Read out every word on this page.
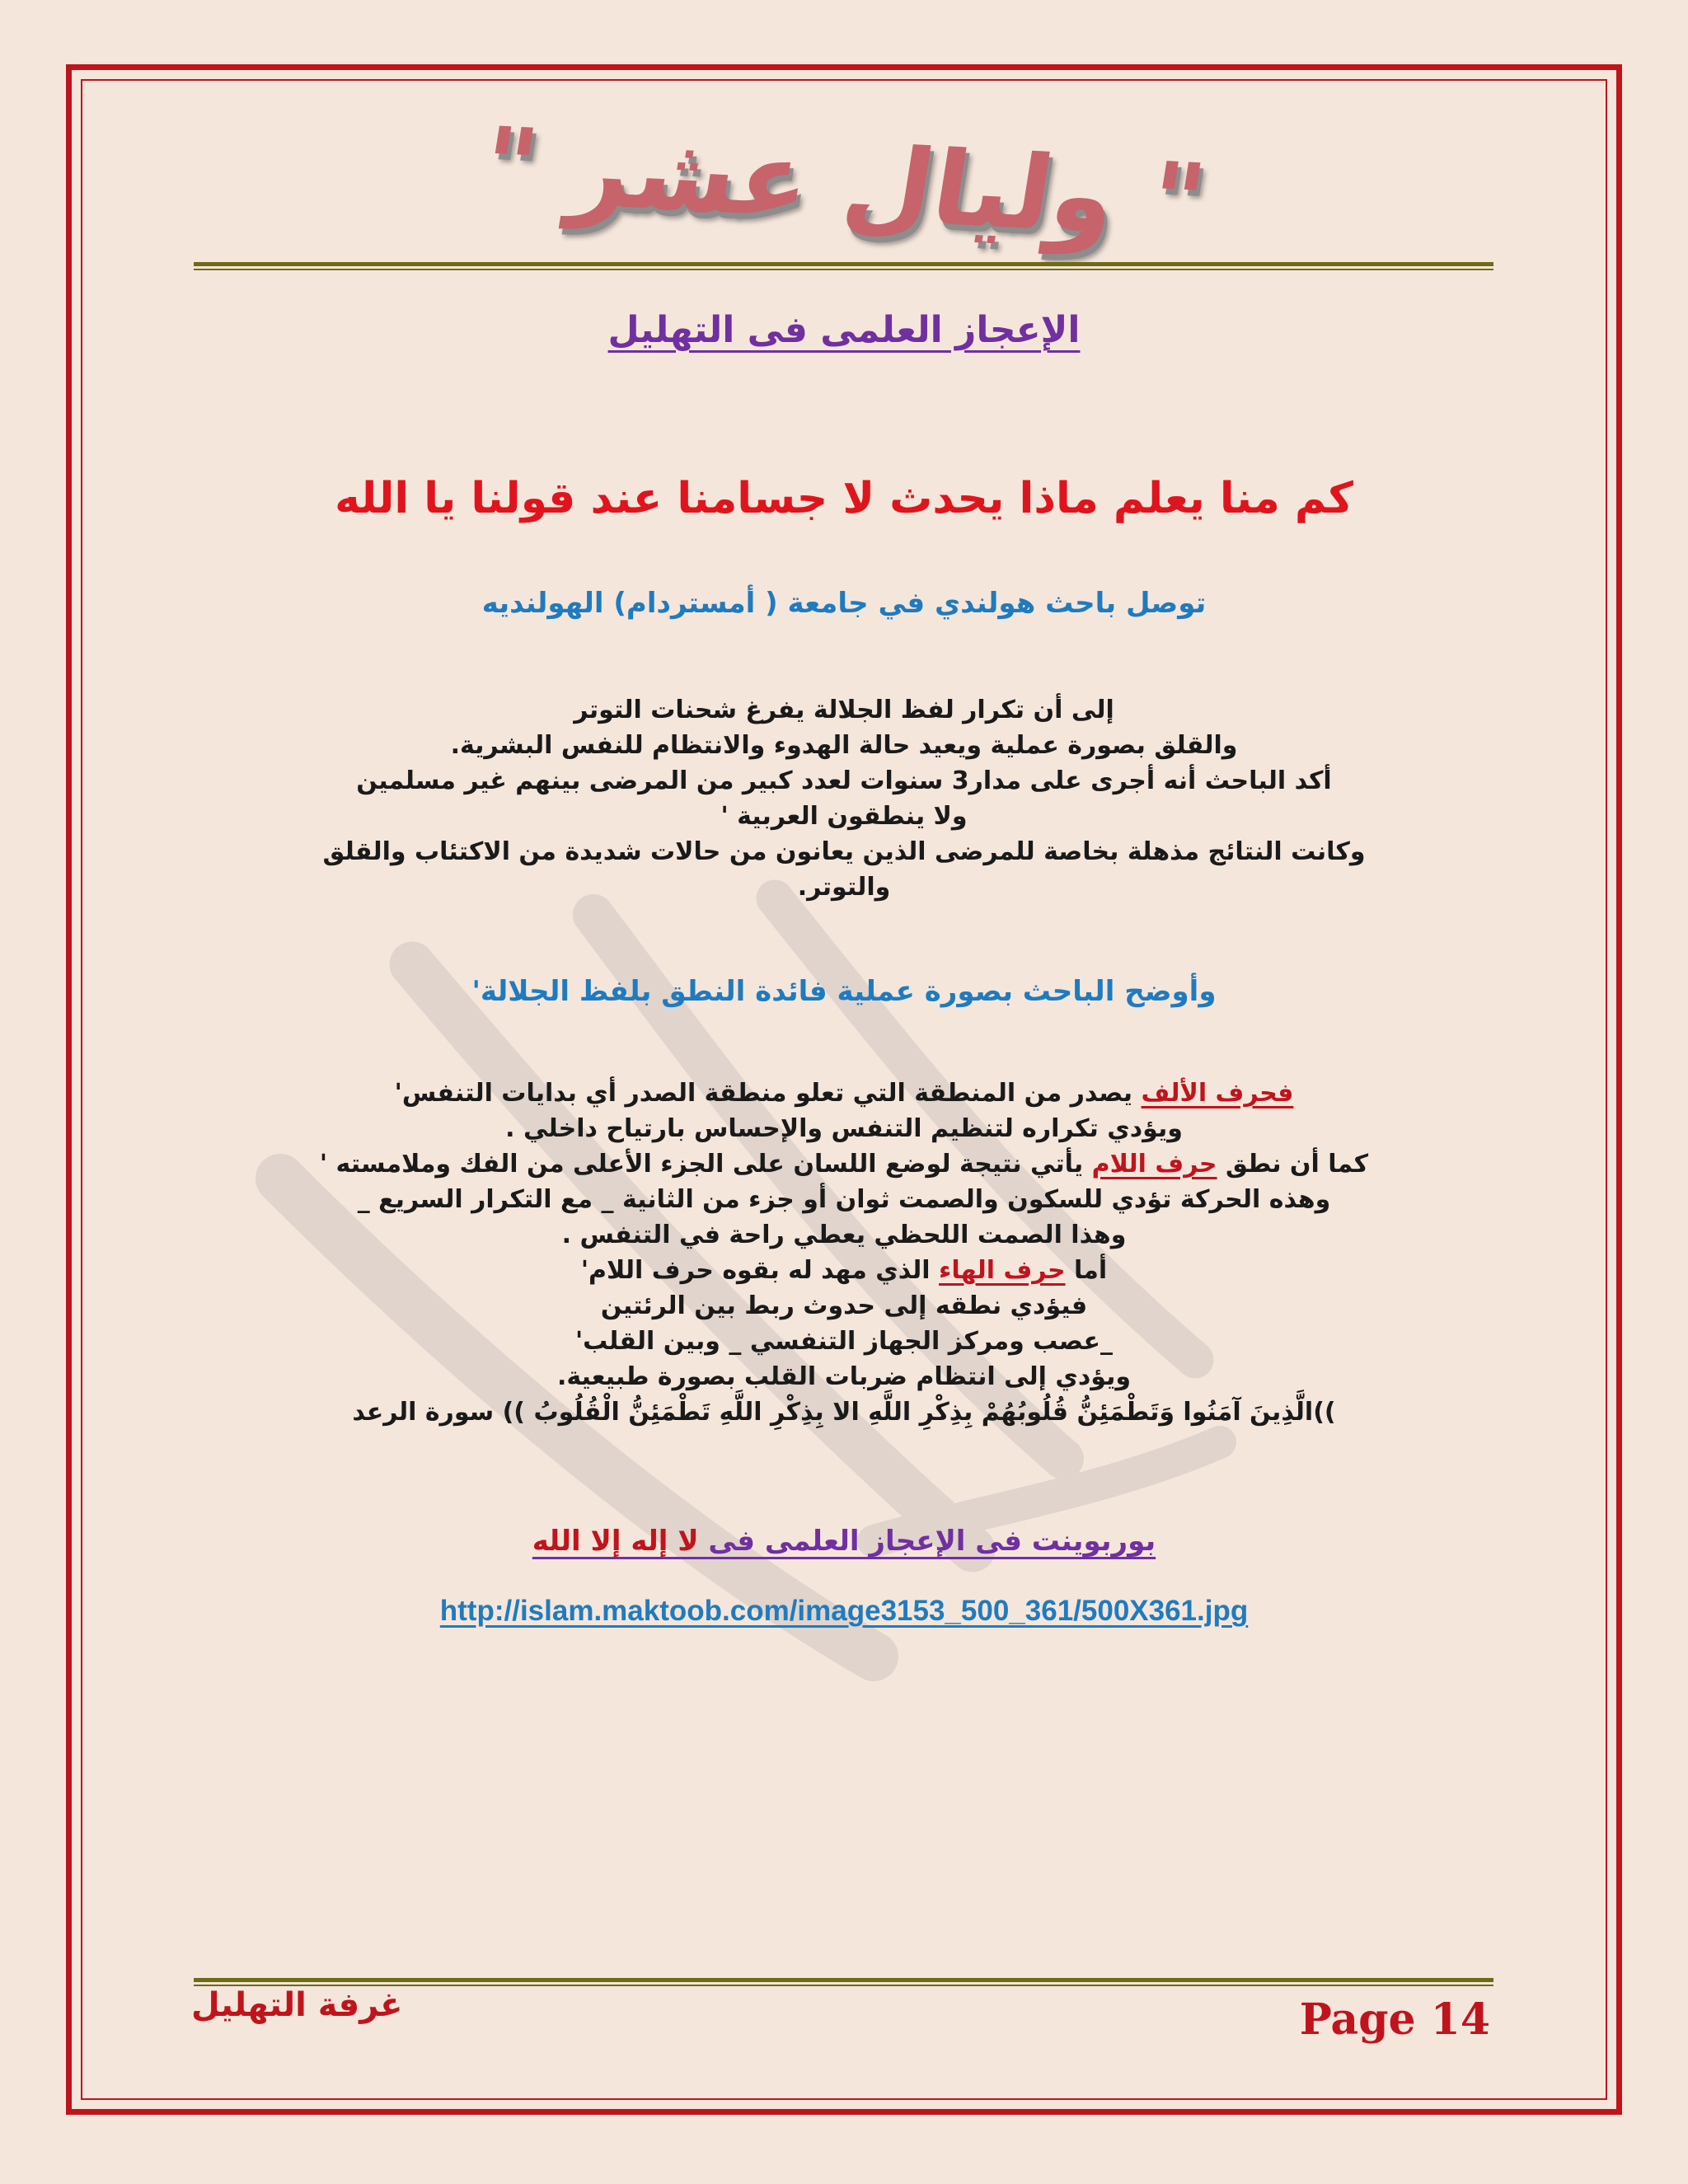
" وليال عشر "
الإعجاز العلمى فى التهليل
كم منا يعلم ماذا يحدث لا جسامنا عند قولنا يا الله
توصل باحث هولندي في جامعة ( أمستردام) الهولنديه
إلى أن تكرار لفظ الجلالة يفرغ شحنات التوتر
والقلق بصورة عملية ويعيد حالة الهدوء والانتظام للنفس البشرية.
أكد الباحث أنه أجرى على مدار3 سنوات لعدد كبير من المرضى بينهم غير مسلمين
ولا ينطقون العربية '
وكانت النتائج مذهلة بخاصة للمرضى الذين يعانون من حالات شديدة من الاكتئاب والقلق
والتوتر.
وأوضح الباحث بصورة عملية فائدة النطق بلفظ الجلالة'
فحرف الألف يصدر من المنطقة التي تعلو منطقة الصدر أي بدايات التنفس'
ويؤدي تكراره لتنظيم التنفس والإحساس بارتياح داخلي .
كما أن نطق حرف اللام يأتي نتيجة لوضع اللسان على الجزء الأعلى من الفك وملامسته '
وهذه الحركة تؤدي للسكون والصمت ثوان أو جزء من الثانية _ مع التكرار السريع _
وهذا الصمت اللحظي يعطي راحة في التنفس .
أما حرف الهاء الذي مهد له بقوه حرف اللام'
فيؤدي نطقه إلى حدوث ربط بين الرئتين
_عصب ومركز الجهاز التنفسي _ وبين القلب'
ويؤدي إلى انتظام ضربات القلب بصورة طبيعية.
))الَّذِينَ آمَنُوا وَتَطْمَئِنُّ قُلُوبُهُمْ بِذِكْرِ اللَّهِ الا بِذِكْرِ اللَّهِ تَطْمَئِنُّ الْقُلُوبُ )) سورة الرعد
بوربوينت فى الإعجاز العلمى فى لا إله إلا الله
http://islam.maktoob.com/image3153_500_361/500X361.jpg
غرفة التهليل	Page 14
